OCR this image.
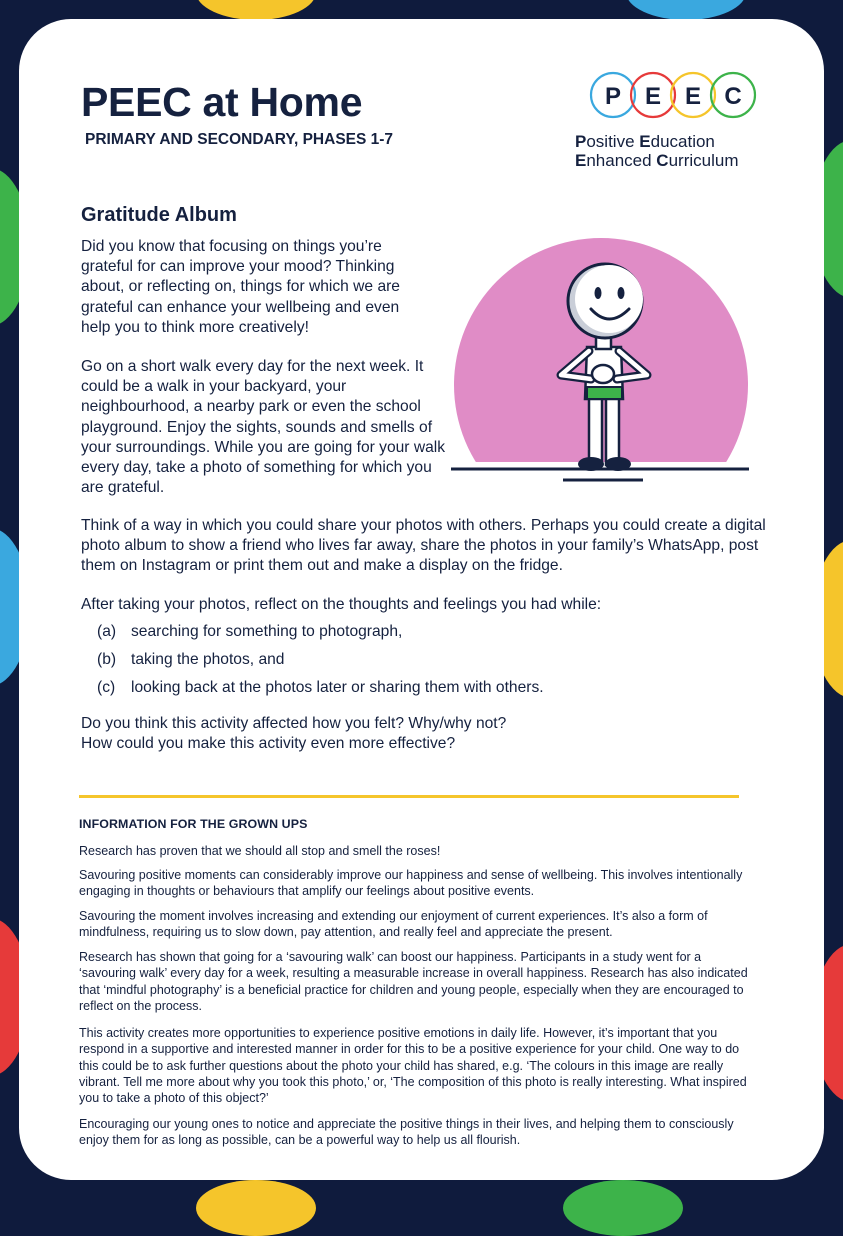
PEEC at Home
PRIMARY AND SECONDARY, PHASES 1-7
P E E C
Positive Education
Enhanced Curriculum
Gratitude Album

Did you know that focusing on things you’re grateful for can improve your mood? Thinking about, or reflecting on, things for which we are grateful can enhance your wellbeing and even help you to think more creatively!

Go on a short walk every day for the next week. It could be a walk in your backyard, your neighbourhood, a nearby park or even the school playground. Enjoy the sights, sounds and smells of your surroundings. While you are going for your walk every day, take a photo of something for which you are grateful.

Think of a way in which you could share your photos with others. Perhaps you could create a digital photo album to show a friend who lives far away, share the photos in your family’s WhatsApp, post them on Instagram or print them out and make a display on the fridge.

After taking your photos, reflect on the thoughts and feelings you had while:

(a) searching for something to photograph,
(b) taking the photos, and
(c)	looking back at the photos later or sharing them with others.

Do you think this activity affected how you felt? Why/why not?
How could you make this activity even more effective?

INFORMATION FOR THE GROWN UPS

Research has proven that we should all stop and smell the roses!

Savouring positive moments can considerably improve our happiness and sense of wellbeing. This involves intentionally engaging in thoughts or behaviours that amplify our feelings about positive events.

Savouring the moment involves increasing and extending our enjoyment of current experiences. It’s also a form of mindfulness, requiring us to slow down, pay attention, and really feel and appreciate the present.

Research has shown that going for a ‘savouring walk’ can boost our happiness. Participants in a study went for a ‘savouring walk’ every day for a week, resulting a measurable increase in overall happiness. Research has also indicated that ‘mindful photography’ is a beneficial practice for children and young people, especially when they are encouraged to reflect on the process.

This activity creates more opportunities to experience positive emotions in daily life. However, it’s important that you respond in a supportive and interested manner in order for this to be a positive experience for your child. One way to do this could be to ask further questions about the photo your child has shared, e.g. ‘The colours in this image are really vibrant. Tell me more about why you took this photo,’ or, ‘The composition of this photo is really interesting. What inspired you to take a photo of this object?’

Encouraging our young ones to notice and appreciate the positive things in their lives, and helping them to consciously enjoy them for as long as possible, can be a powerful way to help us all flourish.
